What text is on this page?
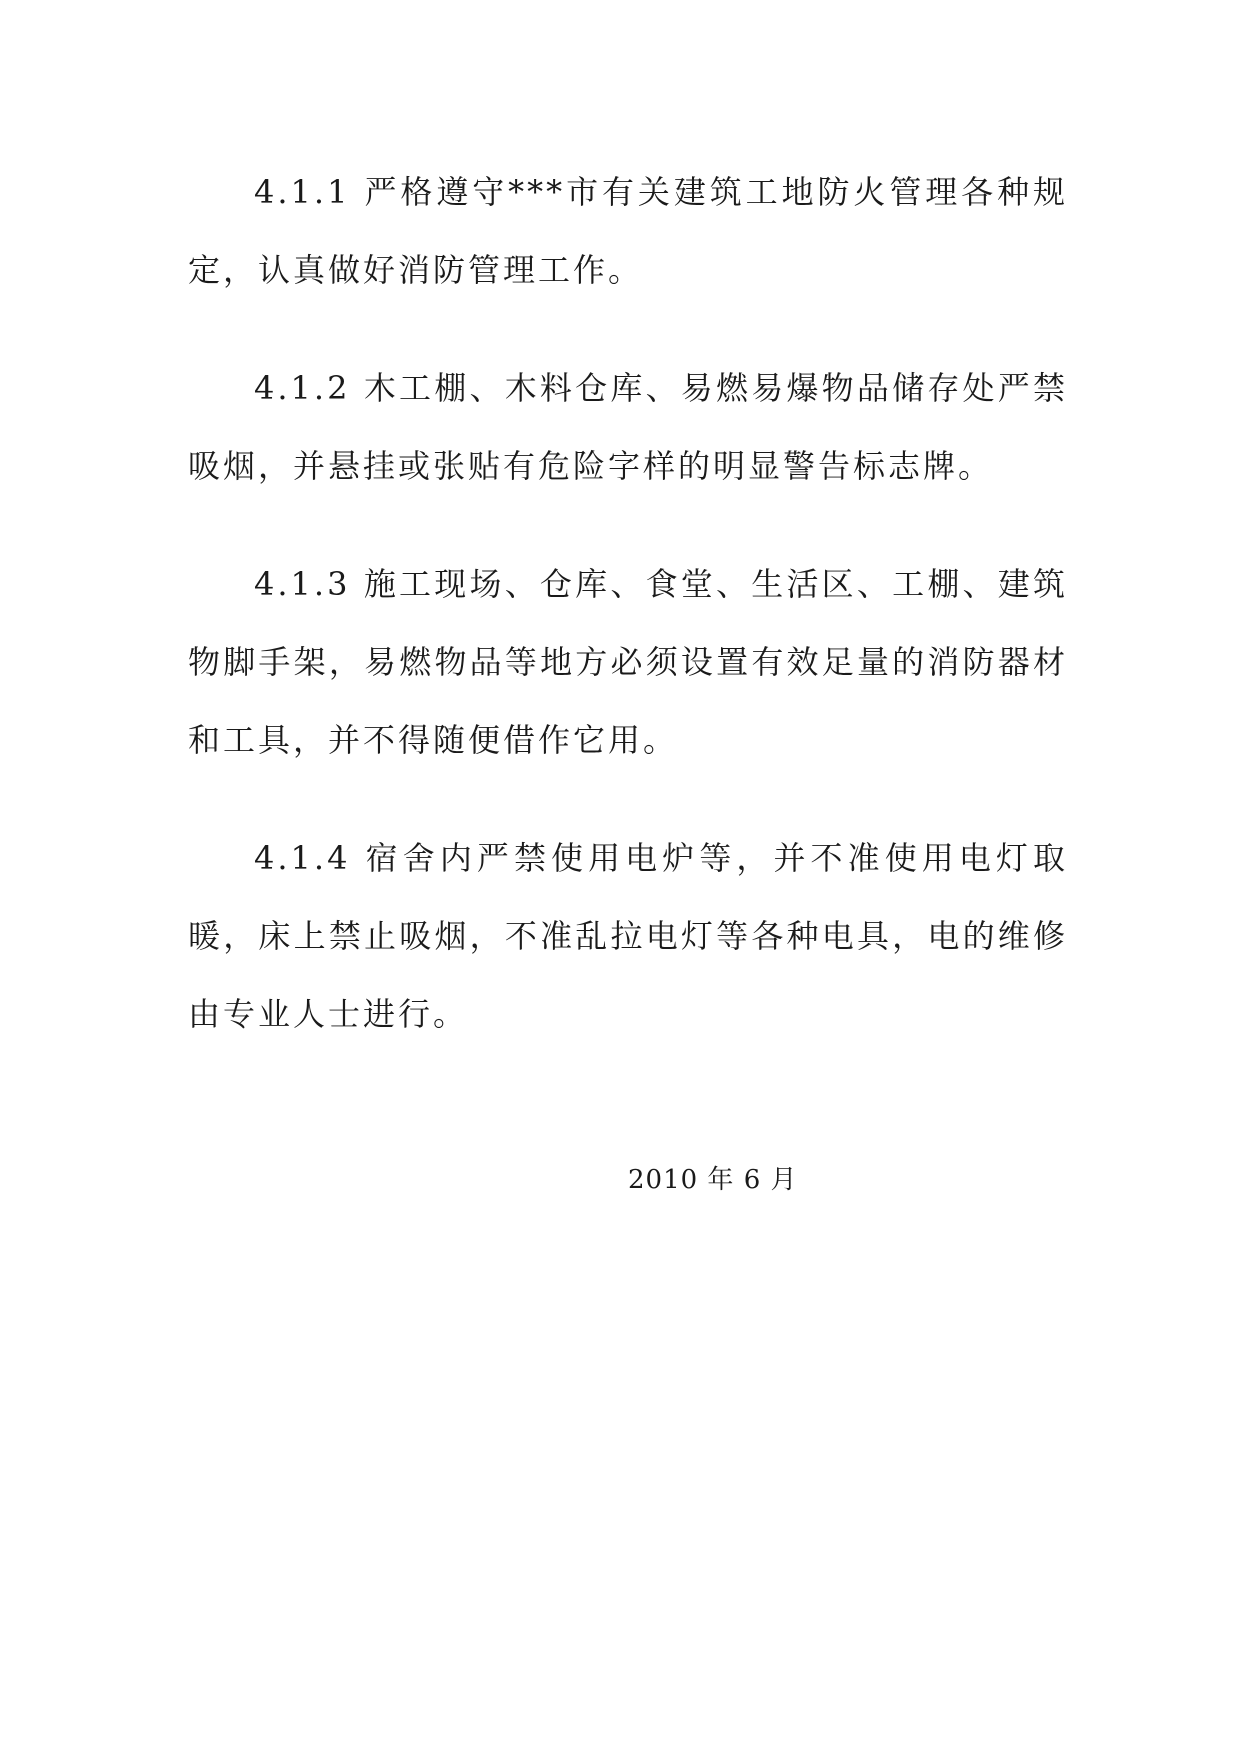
4.1.1 严格遵守***市有关建筑工地防火管理各种规定，认真做好消防管理工作。

4.1.2 木工棚、木料仓库、易燃易爆物品储存处严禁吸烟，并悬挂或张贴有危险字样的明显警告标志牌。

4.1.3 施工现场、仓库、食堂、生活区、工棚、建筑物脚手架，易燃物品等地方必须设置有效足量的消防器材和工具，并不得随便借作它用。

4.1.4 宿舍内严禁使用电炉等，并不准使用电灯取暖，床上禁止吸烟，不准乱拉电灯等各种电具，电的维修由专业人士进行。

2010 年 6 月
